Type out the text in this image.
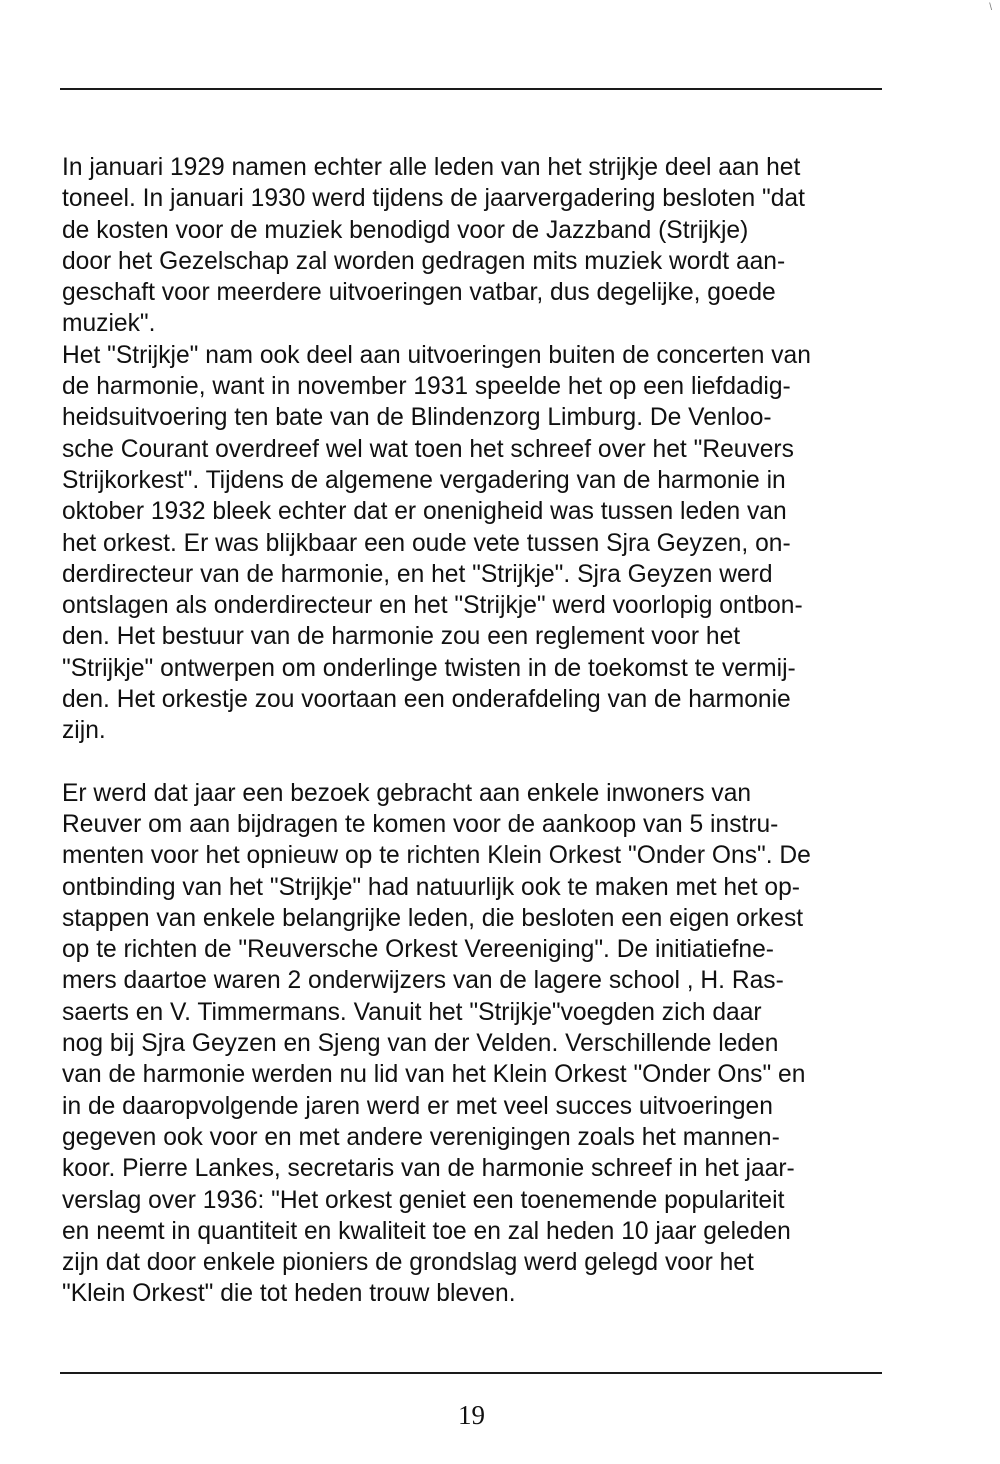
\

In januari 1929 namen echter alle leden van het strijkje deel aan het
toneel. In januari 1930 werd tijdens de jaarvergadering besloten "dat
de kosten voor de muziek benodigd voor de Jazzband (Strijkje)
door het Gezelschap zal worden gedragen mits muziek wordt aan-
geschaft voor meerdere uitvoeringen vatbar, dus degelijke, goede
muziek".
Het "Strijkje" nam ook deel aan uitvoeringen buiten de concerten van
de harmonie, want in november 1931 speelde het op een liefdadig-
heidsuitvoering ten bate van de Blindenzorg Limburg. De Venloo-
sche Courant overdreef wel wat toen het schreef over het "Reuvers
Strijkorkest". Tijdens de algemene vergadering van de harmonie in
oktober 1932 bleek echter dat er onenigheid was tussen leden van
het orkest. Er was blijkbaar een oude vete tussen Sjra Geyzen, on-
derdirecteur van de harmonie, en het "Strijkje". Sjra Geyzen werd
ontslagen als onderdirecteur en het "Strijkje" werd voorlopig ontbon-
den. Het bestuur van de harmonie zou een reglement voor het
"Strijkje" ontwerpen om onderlinge twisten in de toekomst te vermij-
den. Het orkestje zou voortaan een onderafdeling van de harmonie
zijn.

Er werd dat jaar een bezoek gebracht aan enkele inwoners van
Reuver om aan bijdragen te komen voor de aankoop van 5 instru-
menten voor het opnieuw op te richten Klein Orkest "Onder Ons". De
ontbinding van het "Strijkje" had natuurlijk ook te maken met het op-
stappen van enkele belangrijke leden, die besloten een eigen orkest
op te richten de "Reuversche Orkest Vereeniging". De initiatiefne-
mers daartoe waren 2 onderwijzers van de lagere school , H. Ras-
saerts en V. Timmermans. Vanuit het "Strijkje"voegden zich daar
nog bij Sjra Geyzen en Sjeng van der Velden. Verschillende leden
van de harmonie werden nu lid van het Klein Orkest "Onder Ons" en
in de daaropvolgende jaren werd er met veel succes uitvoeringen
gegeven ook voor en met andere verenigingen zoals het mannen-
koor. Pierre Lankes, secretaris van de harmonie schreef in het jaar-
verslag over 1936: "Het orkest geniet een toenemende populariteit
en neemt in quantiteit en kwaliteit toe en zal heden 10 jaar geleden
zijn dat door enkele pioniers de grondslag werd gelegd voor het
"Klein Orkest" die tot heden trouw bleven.

19
